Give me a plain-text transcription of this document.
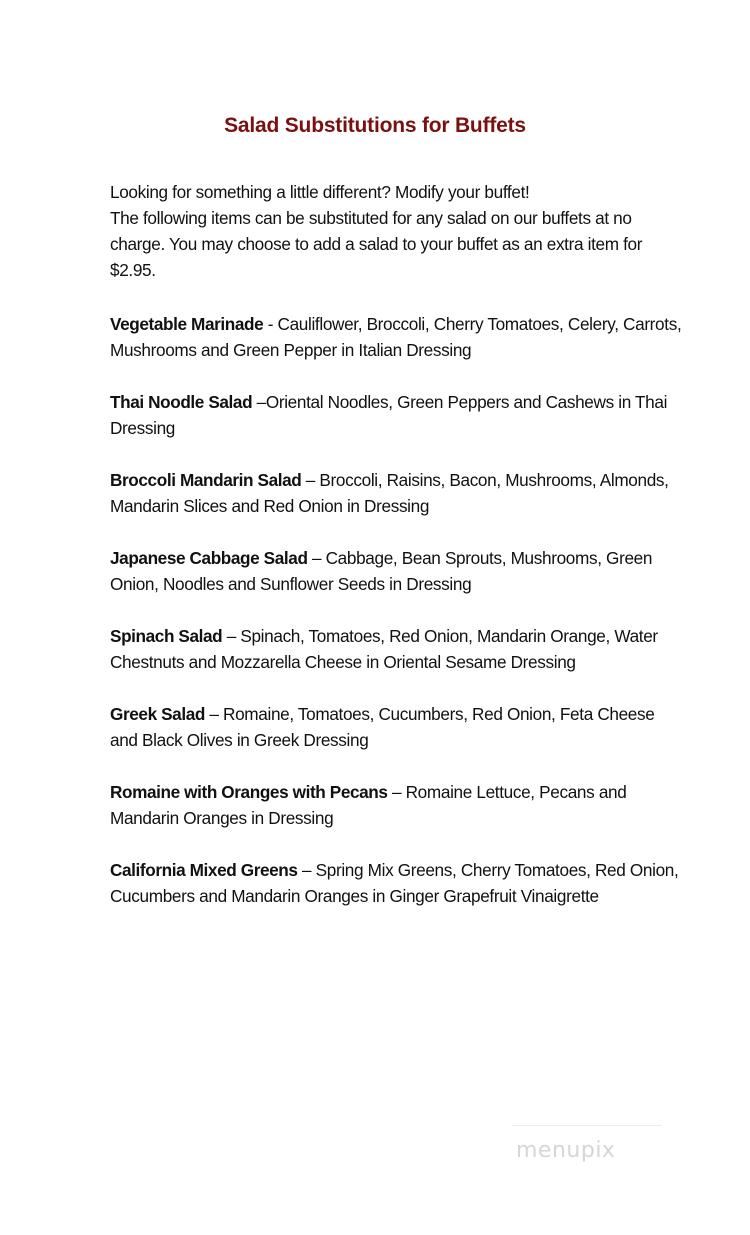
Salad Substitutions for Buffets

Looking for something a little different? Modify your buffet!

The following items can be substituted for any salad on our buffets at no charge. You may choose to add a salad to your buffet as an extra item for $2.95.

Vegetable Marinade - Cauliflower, Broccoli, Cherry Tomatoes, Celery, Carrots, Mushrooms and Green Pepper in Italian Dressing

Thai Noodle Salad –Oriental Noodles, Green Peppers and Cashews in Thai Dressing

Broccoli Mandarin Salad – Broccoli, Raisins, Bacon, Mushrooms, Almonds, Mandarin Slices and Red Onion in Dressing

Japanese Cabbage Salad – Cabbage, Bean Sprouts, Mushrooms, Green Onion, Noodles and Sunflower Seeds in Dressing

Spinach Salad – Spinach, Tomatoes, Red Onion, Mandarin Orange, Water Chestnuts and Mozzarella Cheese in Oriental Sesame Dressing

Greek Salad – Romaine, Tomatoes, Cucumbers, Red Onion, Feta Cheese and Black Olives in Greek Dressing

Romaine with Oranges with Pecans – Romaine Lettuce, Pecans and Mandarin Oranges in Dressing

California Mixed Greens – Spring Mix Greens, Cherry Tomatoes, Red Onion, Cucumbers and Mandarin Oranges in Ginger Grapefruit Vinaigrette

menupix
